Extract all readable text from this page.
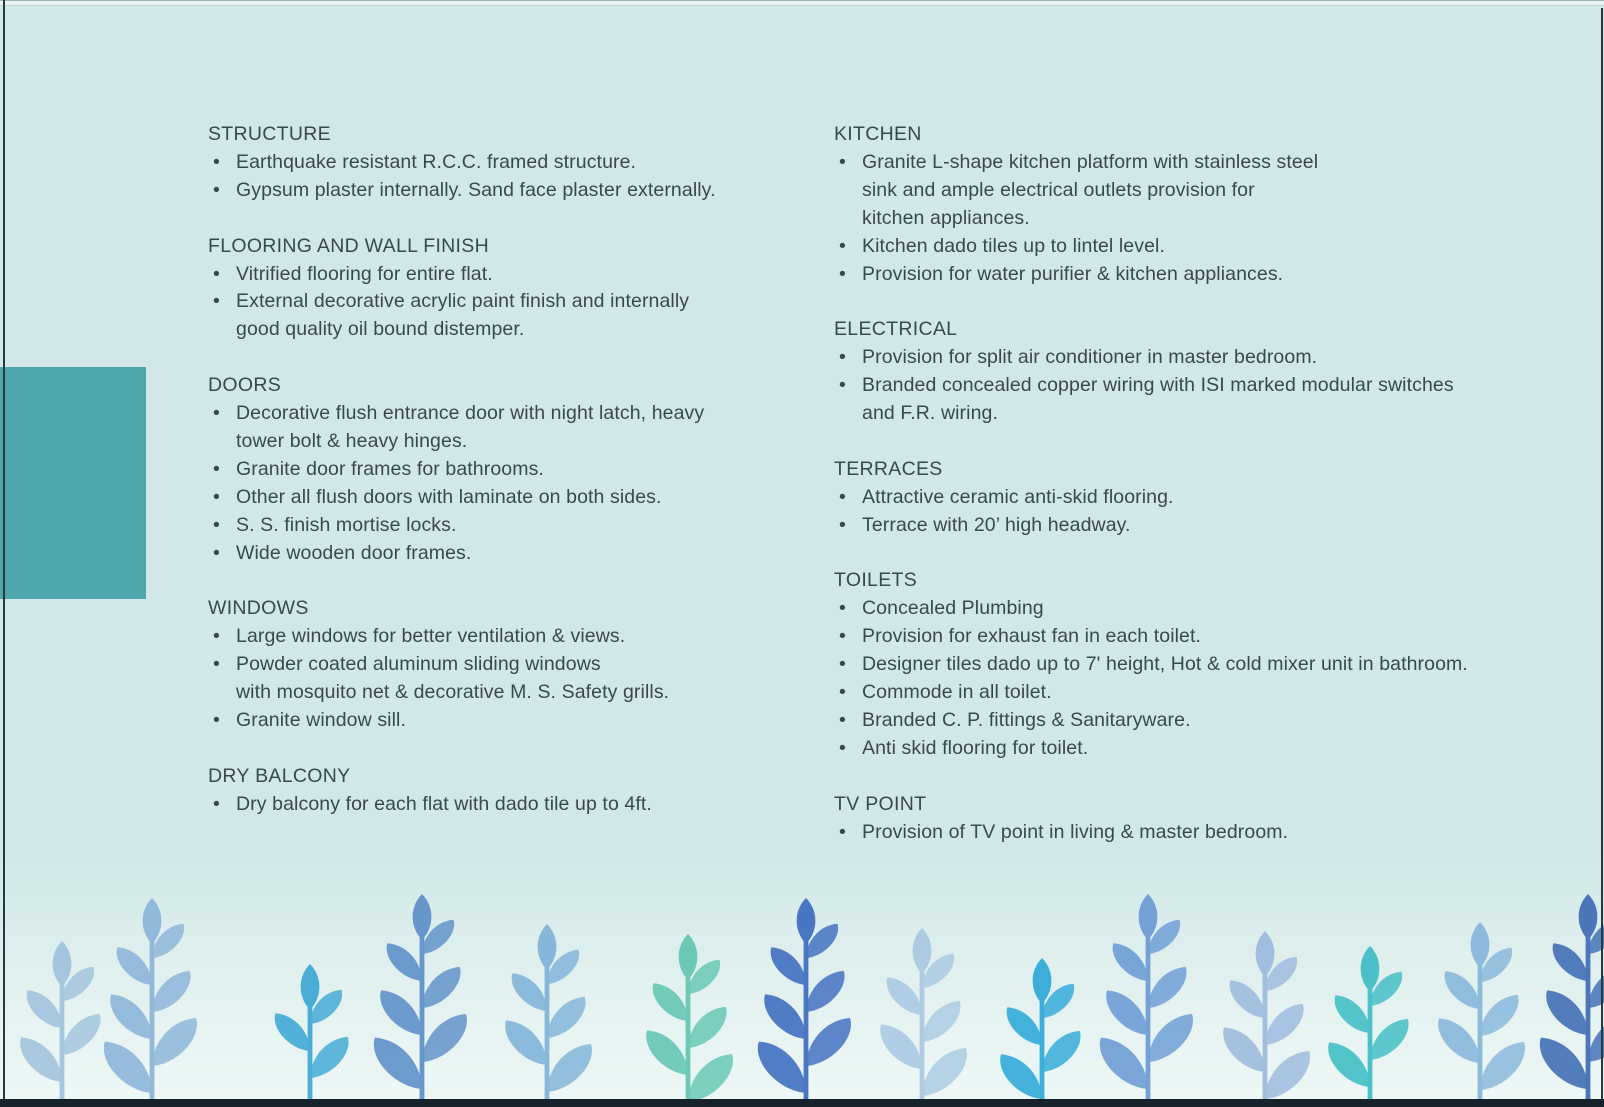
STRUCTURE
• Earthquake resistant R.C.C. framed structure.
• Gypsum plaster internally. Sand face plaster externally.
FLOORING AND WALL FINISH
• Vitrified flooring for entire flat.
• External decorative acrylic paint finish and internally
good quality oil bound distemper.
DOORS
• Decorative flush entrance door with night latch, heavy
tower bolt & heavy hinges.
• Granite door frames for bathrooms.
• Other all flush doors with laminate on both sides.
• S. S. finish mortise locks.
• Wide wooden door frames.
WINDOWS
• Large windows for better ventilation & views.
• Powder coated aluminum sliding windows
with mosquito net & decorative M. S. Safety grills.
• Granite window sill.
DRY BALCONY
• Dry balcony for each flat with dado tile up to 4ft.
KITCHEN
• Granite L-shape kitchen platform with stainless steel
sink and ample electrical outlets provision for
kitchen appliances.
• Kitchen dado tiles up to lintel level.
• Provision for water purifier & kitchen appliances.
ELECTRICAL
• Provision for split air conditioner in master bedroom.
• Branded concealed copper wiring with ISI marked modular switches
and F.R. wiring.
TERRACES
• Attractive ceramic anti-skid flooring.
• Terrace with 20’ high headway.
TOILETS
• Concealed Plumbing
• Provision for exhaust fan in each toilet.
• Designer tiles dado up to 7' height, Hot & cold mixer unit in bathroom.
• Commode in all toilet.
• Branded C. P. fittings & Sanitaryware.
• Anti skid flooring for toilet.
TV POINT
• Provision of TV point in living & master bedroom.
